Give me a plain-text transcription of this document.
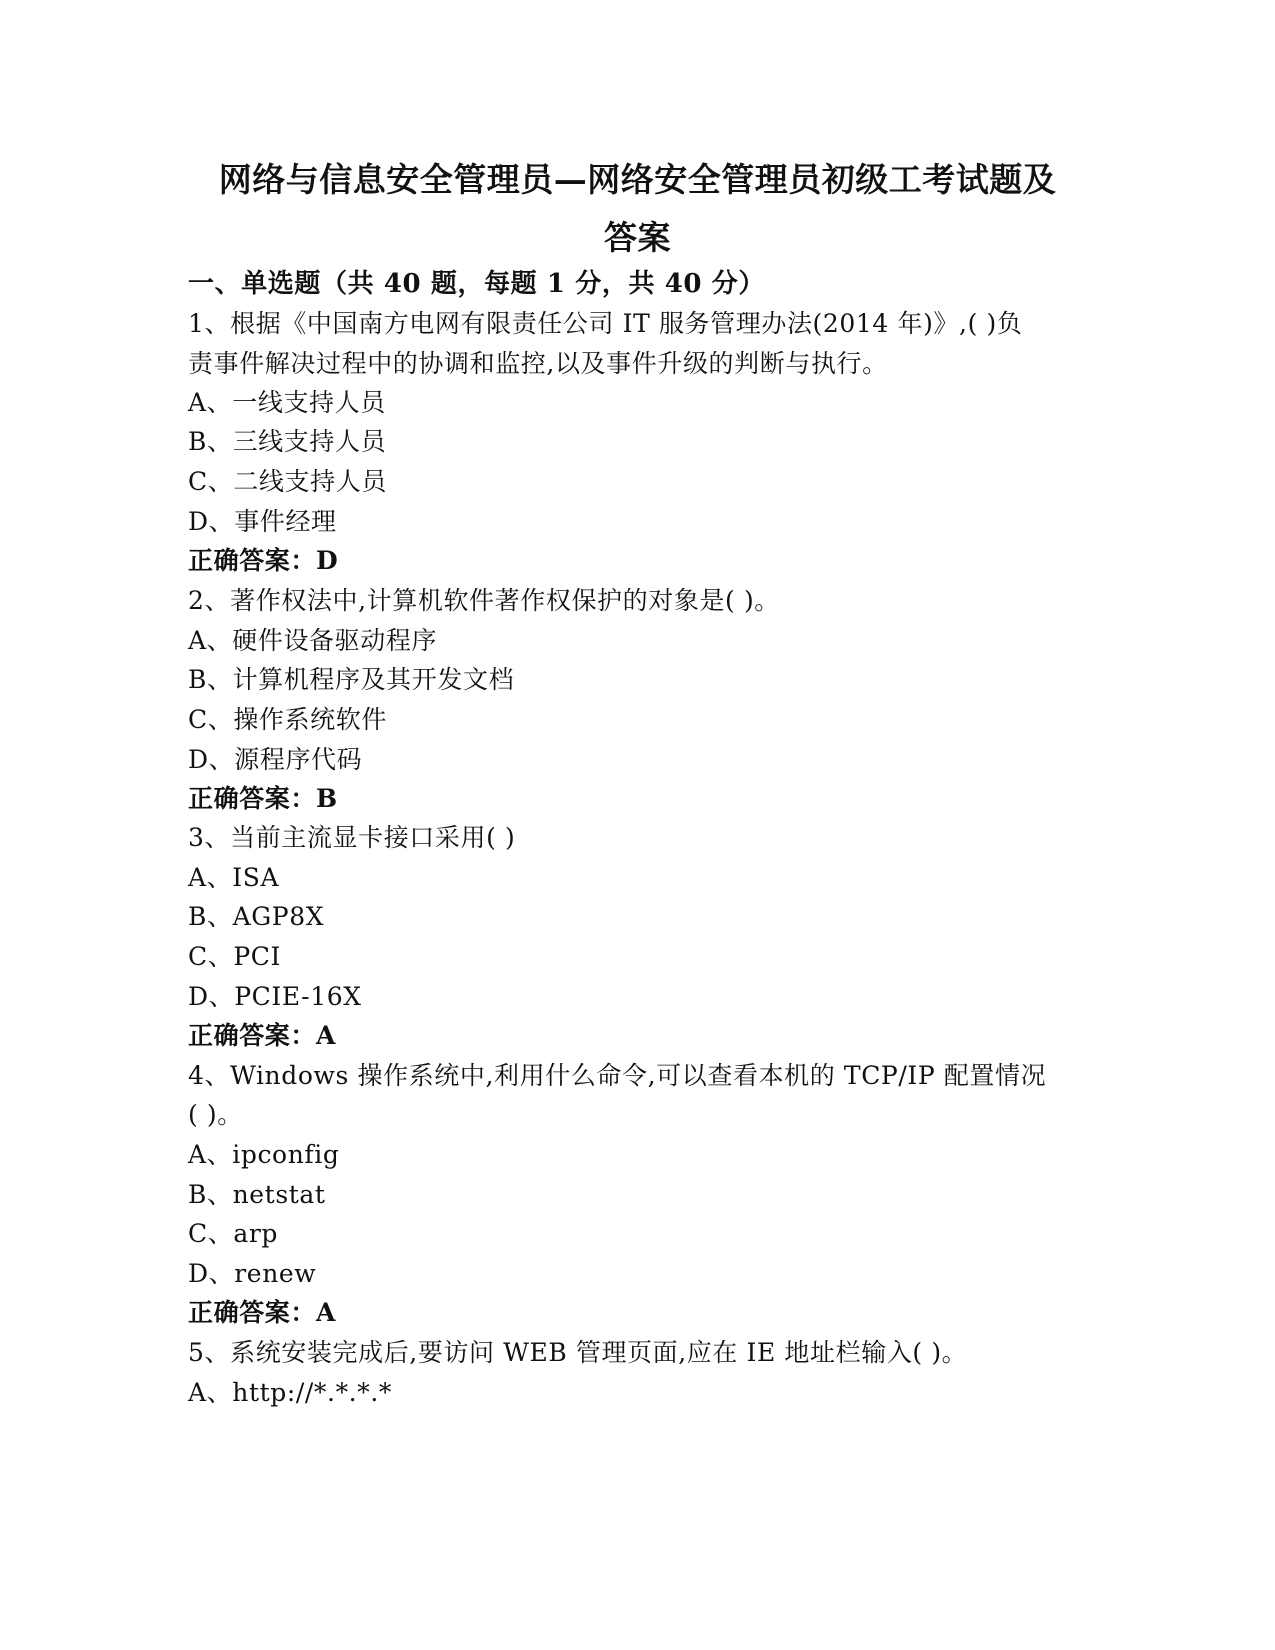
网络与信息安全管理员—网络安全管理员初级工考试题及
答案
一、单选题（共 40 题，每题 1 分，共 40 分）
1、根据《中国南方电网有限责任公司 IT 服务管理办法(2014 年)》,( )负
责事件解决过程中的协调和监控,以及事件升级的判断与执行。
A、一线支持人员
B、三线支持人员
C、二线支持人员
D、事件经理
正确答案：D
2、著作权法中,计算机软件著作权保护的对象是( )。
A、硬件设备驱动程序
B、计算机程序及其开发文档
C、操作系统软件
D、源程序代码
正确答案：B
3、当前主流显卡接口采用( )
A、ISA
B、AGP8X
C、PCI
D、PCIE-16X
正确答案：A
4、Windows 操作系统中,利用什么命令,可以查看本机的 TCP/IP 配置情况
( )。
A、ipconfig
B、netstat
C、arp
D、renew
正确答案：A
5、系统安装完成后,要访问 WEB 管理页面,应在 IE 地址栏输入( )。
A、http://*.*.*.*
